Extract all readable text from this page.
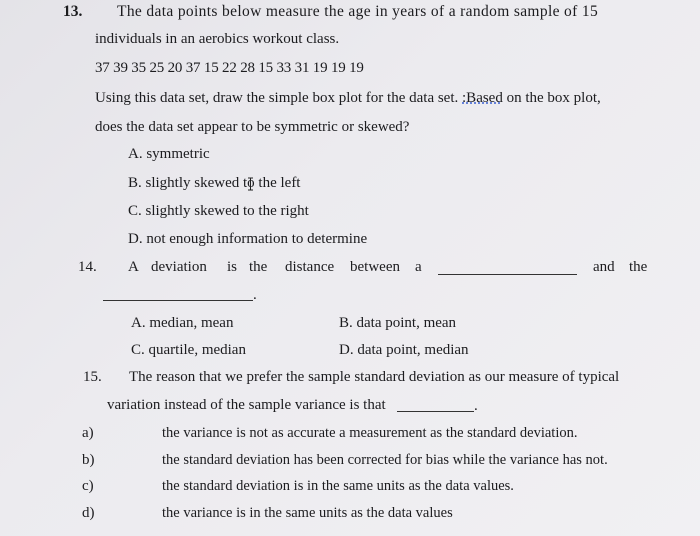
13. The data points below measure the age in years of a random sample of 15
individuals in an aerobics workout class.
37 39 35 25 20 37 15 22 28 15 33 31 19 19 19
Using this data set, draw the simple box plot for the data set. :Based on the box plot,
does the data set appear to be symmetric or skewed?
A. symmetric
B. slightly skewed to the left
C. slightly skewed to the right
D. not enough information to determine
14. A deviation is the distance between a	and the
.
A. median, mean	B. data point, mean
C. quartile, median	D. data point, median
15. The reason that we prefer the sample standard deviation as our measure of typical
variation instead of the sample variance is that	.
a)	the variance is not as accurate a measurement as the standard deviation.
b)	the standard deviation has been corrected for bias while the variance has not.
c)	the standard deviation is in the same units as the data values.
d)	the variance is in the same units as the data values
